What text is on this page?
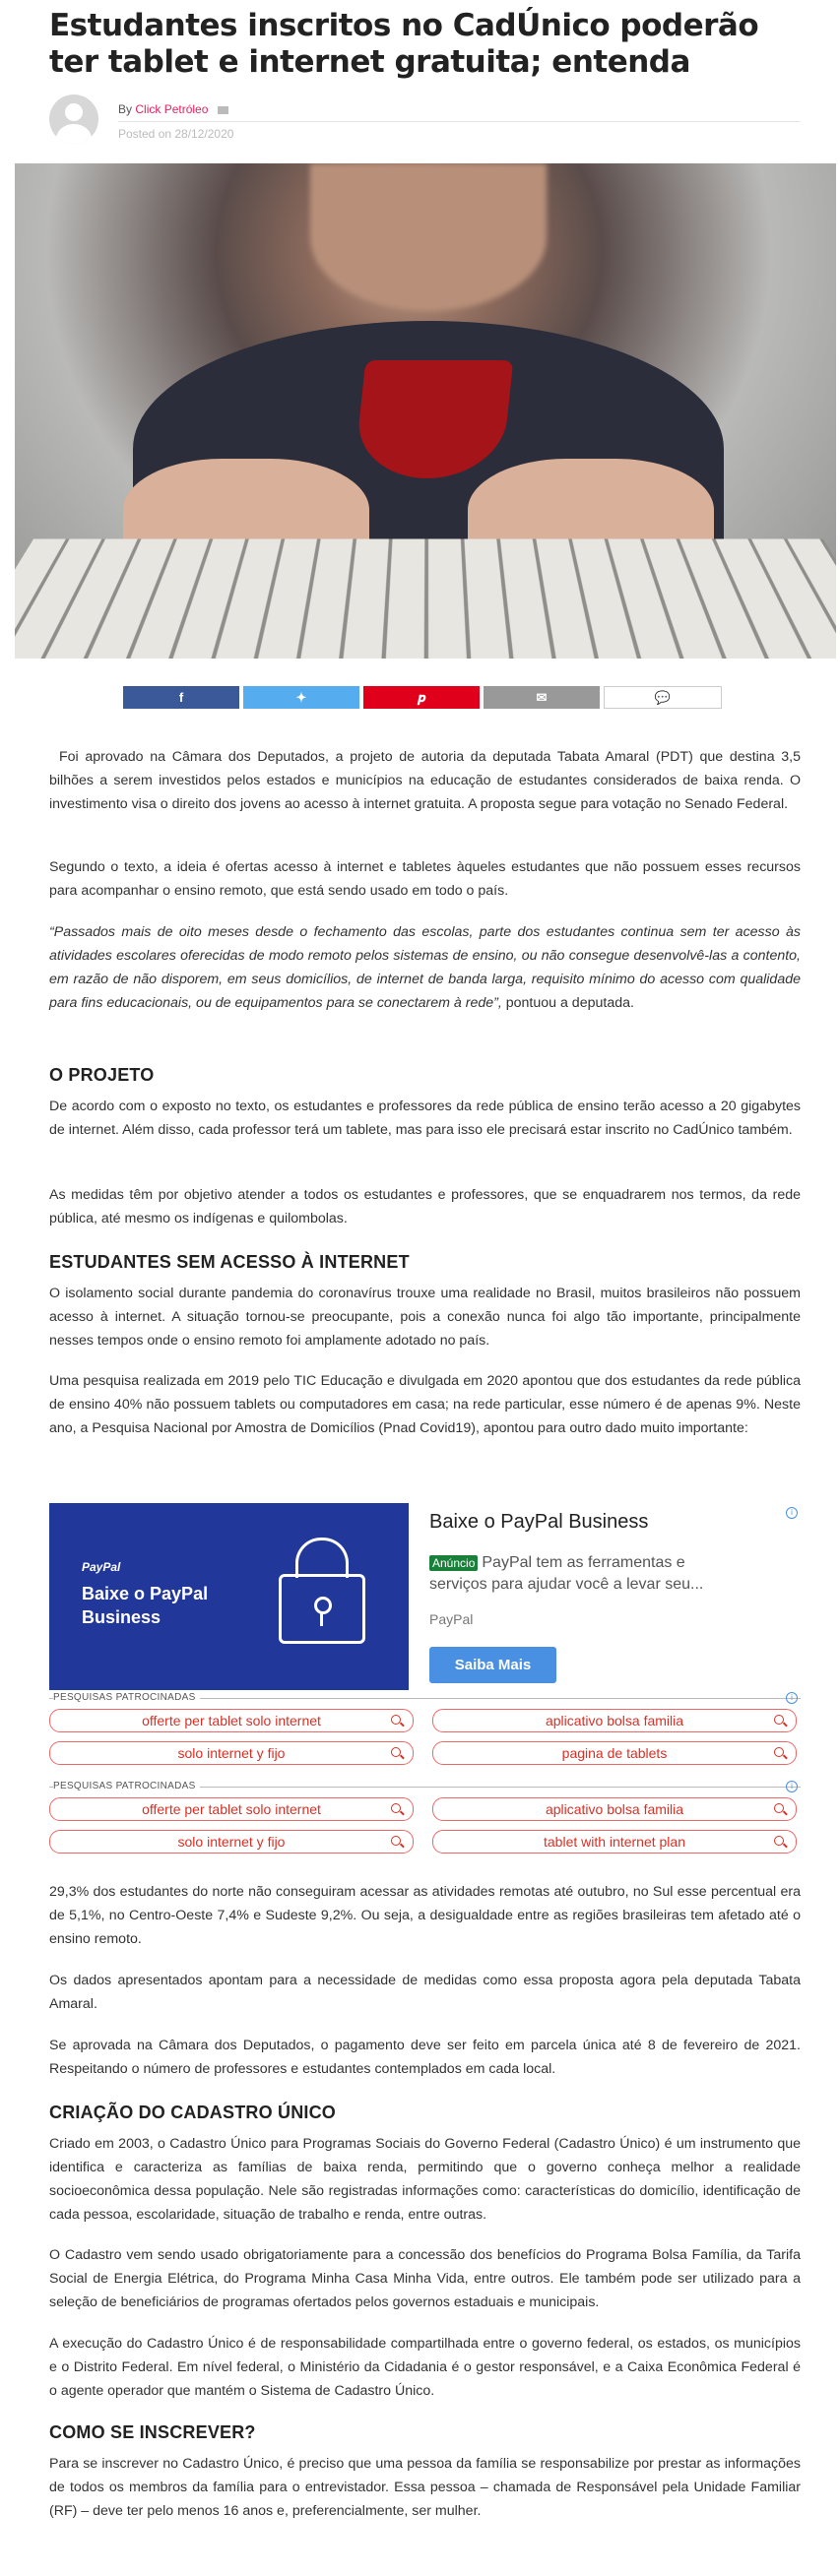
Estudantes inscritos no CadÚnico poderão ter tablet e internet gratuita; entenda
By Click Petróleo
Posted on 28/12/2020
f	✦	𝒑	✉	💬

Foi aprovado na Câmara dos Deputados, a projeto de autoria da deputada Tabata Amaral (PDT) que destina 3,5 bilhões a serem investidos pelos estados e municípios na educação de estudantes considerados de baixa renda. O investimento visa o direito dos jovens ao acesso à internet gratuita. A proposta segue para votação no Senado Federal.

Segundo o texto, a ideia é ofertas acesso à internet e tabletes àqueles estudantes que não possuem esses recursos para acompanhar o ensino remoto, que está sendo usado em todo o país.

“Passados mais de oito meses desde o fechamento das escolas, parte dos estudantes continua sem ter acesso às atividades escolares oferecidas de modo remoto pelos sistemas de ensino, ou não consegue desenvolvê-las a contento, em razão de não disporem, em seus domicílios, de internet de banda larga, requisito mínimo do acesso com qualidade para fins educacionais, ou de equipamentos para se conectarem à rede”, pontuou a deputada.

O PROJETO

De acordo com o exposto no texto, os estudantes e professores da rede pública de ensino terão acesso a 20 gigabytes de internet. Além disso, cada professor terá um tablete, mas para isso ele precisará estar inscrito no CadÚnico também.

As medidas têm por objetivo atender a todos os estudantes e professores, que se enquadrarem nos termos, da rede pública, até mesmo os indígenas e quilombolas.

ESTUDANTES SEM ACESSO À INTERNET

O isolamento social durante pandemia do coronavírus trouxe uma realidade no Brasil, muitos brasileiros não possuem acesso à internet. A situação tornou-se preocupante, pois a conexão nunca foi algo tão importante, principalmente nesses tempos onde o ensino remoto foi amplamente adotado no país.

Uma pesquisa realizada em 2019 pelo TIC Educação e divulgada em 2020 apontou que dos estudantes da rede pública de ensino 40% não possuem tablets ou computadores em casa; na rede particular, esse número é de apenas 9%. Neste ano, a Pesquisa Nacional por Amostra de Domicílios (Pnad Covid19), apontou para outro dado muito importante:

PayPal
Baixe o PayPal Business
Baixe o PayPal Business
Anúncio PayPal tem as ferramentas e serviços para ajudar você a levar seu...
PayPal
Saiba Mais
i
PESQUISAS PATROCINADAS	i
offerte per tablet solo internet	aplicativo bolsa familia
solo internet y fijo	pagina de tablets
PESQUISAS PATROCINADAS	i
offerte per tablet solo internet	aplicativo bolsa familia
solo internet y fijo	tablet with internet plan

29,3% dos estudantes do norte não conseguiram acessar as atividades remotas até outubro, no Sul esse percentual era de 5,1%, no Centro-Oeste 7,4% e Sudeste 9,2%. Ou seja, a desigualdade entre as regiões brasileiras tem afetado até o ensino remoto.

Os dados apresentados apontam para a necessidade de medidas como essa proposta agora pela deputada Tabata Amaral.

Se aprovada na Câmara dos Deputados, o pagamento deve ser feito em parcela única até 8 de fevereiro de 2021. Respeitando o número de professores e estudantes contemplados em cada local.

CRIAÇÃO DO CADASTRO ÚNICO

Criado em 2003, o Cadastro Único para Programas Sociais do Governo Federal (Cadastro Único) é um instrumento que identifica e caracteriza as famílias de baixa renda, permitindo que o governo conheça melhor a realidade socioeconômica dessa população. Nele são registradas informações como: características do domicílio, identificação de cada pessoa, escolaridade, situação de trabalho e renda, entre outras.

O Cadastro vem sendo usado obrigatoriamente para a concessão dos benefícios do Programa Bolsa Família, da Tarifa Social de Energia Elétrica, do Programa Minha Casa Minha Vida, entre outros. Ele também pode ser utilizado para a seleção de beneficiários de programas ofertados pelos governos estaduais e municipais.

A execução do Cadastro Único é de responsabilidade compartilhada entre o governo federal, os estados, os municípios e o Distrito Federal. Em nível federal, o Ministério da Cidadania é o gestor responsável, e a Caixa Econômica Federal é o agente operador que mantém o Sistema de Cadastro Único.

COMO SE INSCREVER?

Para se inscrever no Cadastro Único, é preciso que uma pessoa da família se responsabilize por prestar as informações de todos os membros da família para o entrevistador. Essa pessoa – chamada de Responsável pela Unidade Familiar (RF) – deve ter pelo menos 16 anos e, preferencialmente, ser mulher.
